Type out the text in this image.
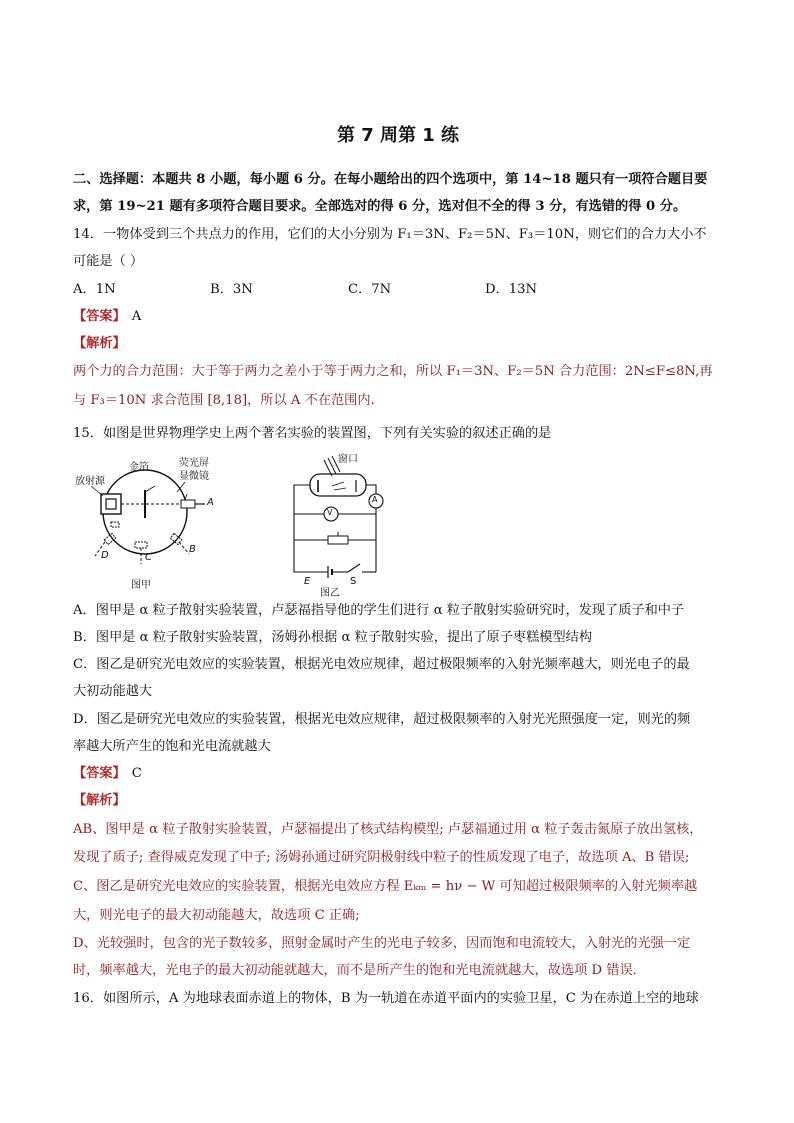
第 7 周第 1 练
二、选择题：本题共 8 小题，每小题 6 分。在每小题给出的四个选项中，第 14~18 题只有一项符合题目要
求，第 19~21 题有多项符合题目要求。全部选对的得 6 分，选对但不全的得 3 分，有选错的得 0 分。
14．一物体受到三个共点力的作用，它们的大小分别为 F₁＝3N、F₂＝5N、F₃＝10N，则它们的合力大小不
可能是（ ）
A．1N	B．3N	C．7N	D．13N
【答案】 A
【解析】
两个力的合力范围：大于等于两力之差小于等于两力之和，所以 F₁＝3N、F₂＝5N 合力范围：2N≤F≤8N,再
与 F₃＝10N 求合范围 [8,18]，所以 A 不在范围内.
15．如图是世界物理学史上两个著名实验的装置图，下列有关实验的叙述正确的是
放射源
金箔	荧光屏
显微镜
A
B
C
D
图甲
窗口
A
V
E	S
图乙
A．图甲是 α 粒子散射实验装置，卢瑟福指导他的学生们进行 α 粒子散射实验研究时，发现了质子和中子
B．图甲是 α 粒子散射实验装置，汤姆孙根据 α 粒子散射实验，提出了原子枣糕模型结构
C．图乙是研究光电效应的实验装置，根据光电效应规律，超过极限频率的入射光频率越大，则光电子的最
大初动能越大
D．图乙是研究光电效应的实验装置，根据光电效应规律，超过极限频率的入射光光照强度一定，则光的频
率越大所产生的饱和光电流就越大
【答案】 C
【解析】
AB、图甲是 α 粒子散射实验装置，卢瑟福提出了核式结构模型; 卢瑟福通过用 α 粒子轰击氮原子放出氢核，
发现了质子; 查得威克发现了中子; 汤姆孙通过研究阴极射线中粒子的性质发现了电子，故选项 A、B 错误;
C、图乙是研究光电效应的实验装置，根据光电效应方程 Eₖₘ = hν − W 可知超过极限频率的入射光频率越
大，则光电子的最大初动能越大，故选项 C 正确;
D、光较强时，包含的光子数较多，照射金属时产生的光电子较多，因而饱和电流较大，入射光的光强一定
时，频率越大，光电子的最大初动能就越大，而不是所产生的饱和光电流就越大，故选项 D 错误．
16．如图所示，A 为地球表面赤道上的物体，B 为一轨道在赤道平面内的实验卫星，C 为在赤道上空的地球
